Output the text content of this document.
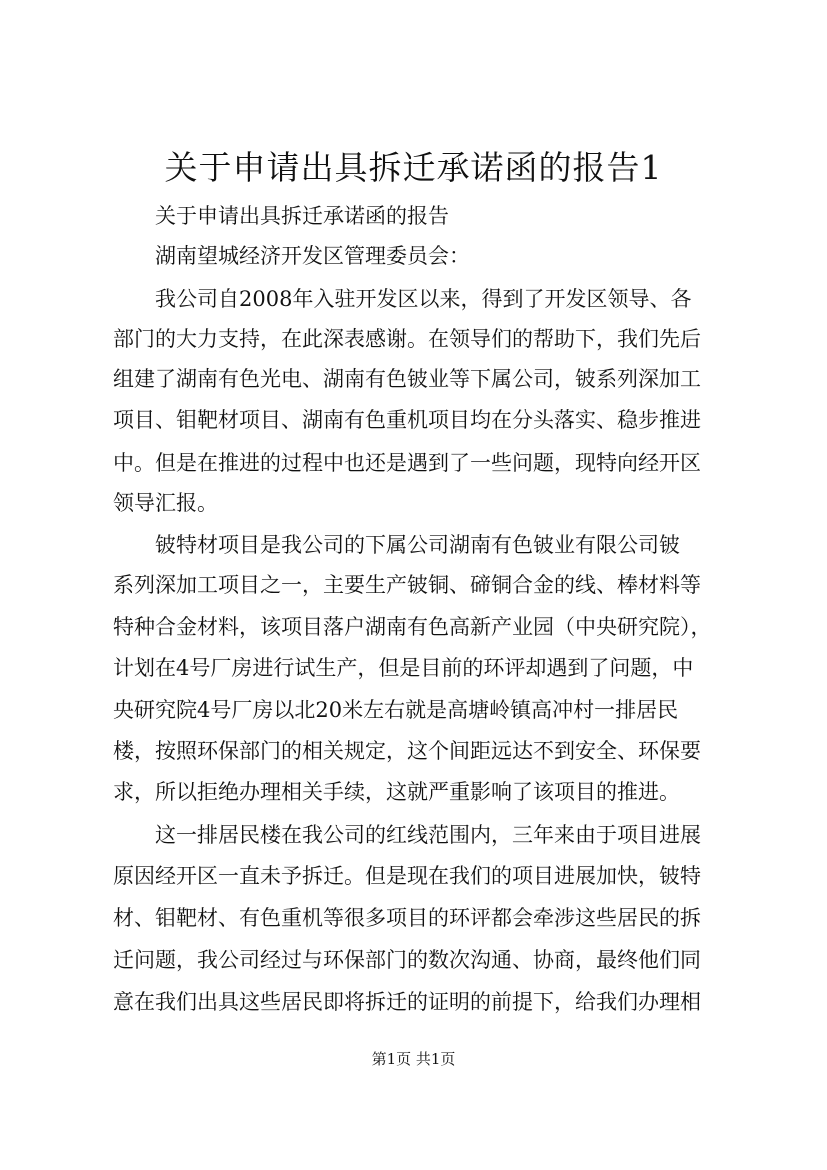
关于申请出具拆迁承诺函的报告1

关于申请出具拆迁承诺函的报告

湖南望城经济开发区管理委员会：

我公司自2008年入驻开发区以来，得到了开发区领导、各

部门的大力支持，在此深表感谢。在领导们的帮助下，我们先后

组建了湖南有色光电、湖南有色铍业等下属公司，铍系列深加工

项目、钼靶材项目、湖南有色重机项目均在分头落实、稳步推进

中。但是在推进的过程中也还是遇到了一些问题，现特向经开区

领导汇报。

铍特材项目是我公司的下属公司湖南有色铍业有限公司铍

系列深加工项目之一，主要生产铍铜、碲铜合金的线、棒材料等

特种合金材料，该项目落户湖南有色高新产业园（中央研究院），

计划在4号厂房进行试生产，但是目前的环评却遇到了问题，中

央研究院4号厂房以北20米左右就是高塘岭镇高冲村一排居民

楼，按照环保部门的相关规定，这个间距远达不到安全、环保要

求，所以拒绝办理相关手续，这就严重影响了该项目的推进。

这一排居民楼在我公司的红线范围内，三年来由于项目进展

原因经开区一直未予拆迁。但是现在我们的项目进展加快，铍特

材、钼靶材、有色重机等很多项目的环评都会牵涉这些居民的拆

迁问题，我公司经过与环保部门的数次沟通、协商，最终他们同

意在我们出具这些居民即将拆迁的证明的前提下，给我们办理相

第1页 共1页
